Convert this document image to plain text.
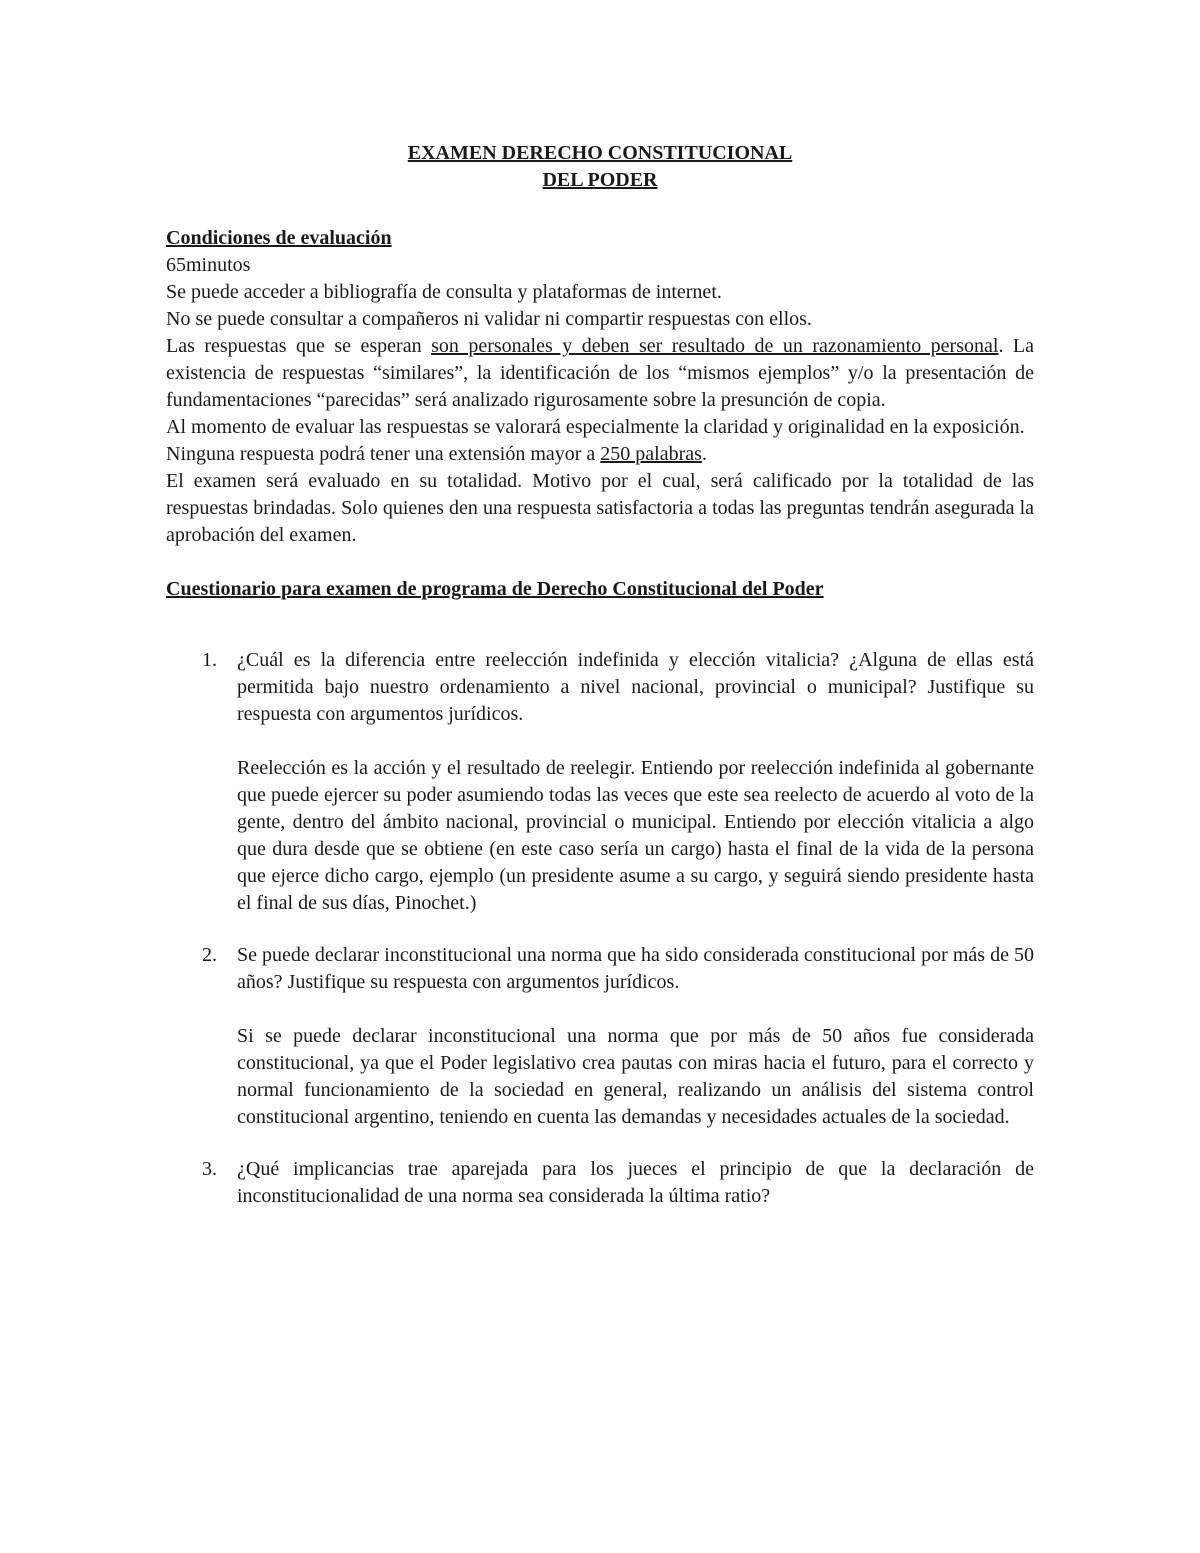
EXAMEN DERECHO CONSTITUCIONAL

DEL PODER

Condiciones de evaluación

65minutos

Se puede acceder a bibliografía de consulta y plataformas de internet.

No se puede consultar a compañeros ni validar ni compartir respuestas con ellos.

Las respuestas que se esperan son personales y deben ser resultado de un razonamiento personal. La existencia de respuestas “similares”, la identificación de los “mismos ejemplos” y/o la presentación de fundamentaciones “parecidas” será analizado rigurosamente sobre la presunción de copia.

Al momento de evaluar las respuestas se valorará especialmente la claridad y originalidad en la exposición.

Ninguna respuesta podrá tener una extensión mayor a 250 palabras.

El examen será evaluado en su totalidad. Motivo por el cual, será calificado por la totalidad de las respuestas brindadas. Solo quienes den una respuesta satisfactoria a todas las preguntas tendrán asegurada la aprobación del examen.

Cuestionario para examen de programa de Derecho Constitucional del Poder

1. ¿Cuál es la diferencia entre reelección indefinida y elección vitalicia? ¿Alguna de ellas está permitida bajo nuestro ordenamiento a nivel nacional, provincial o municipal? Justifique su respuesta con argumentos jurídicos.

Reelección es la acción y el resultado de reelegir. Entiendo por reelección indefinida al gobernante que puede ejercer su poder asumiendo todas las veces que este sea reelecto de acuerdo al voto de la gente, dentro del ámbito nacional, provincial o municipal. Entiendo por elección vitalicia a algo que dura desde que se obtiene (en este caso sería un cargo) hasta el final de la vida de la persona que ejerce dicho cargo, ejemplo (un presidente asume a su cargo, y seguirá siendo presidente hasta el final de sus días, Pinochet.)

2. Se puede declarar inconstitucional una norma que ha sido considerada constitucional por más de 50 años? Justifique su respuesta con argumentos jurídicos.

Si se puede declarar inconstitucional una norma que por más de 50 años fue considerada constitucional, ya que el Poder legislativo crea pautas con miras hacia el futuro, para el correcto y normal funcionamiento de la sociedad en general, realizando un análisis del sistema control constitucional argentino, teniendo en cuenta las demandas y necesidades actuales de la sociedad.

3. ¿Qué implicancias trae aparejada para los jueces el principio de que la declaración de inconstitucionalidad de una norma sea considerada la última ratio?
